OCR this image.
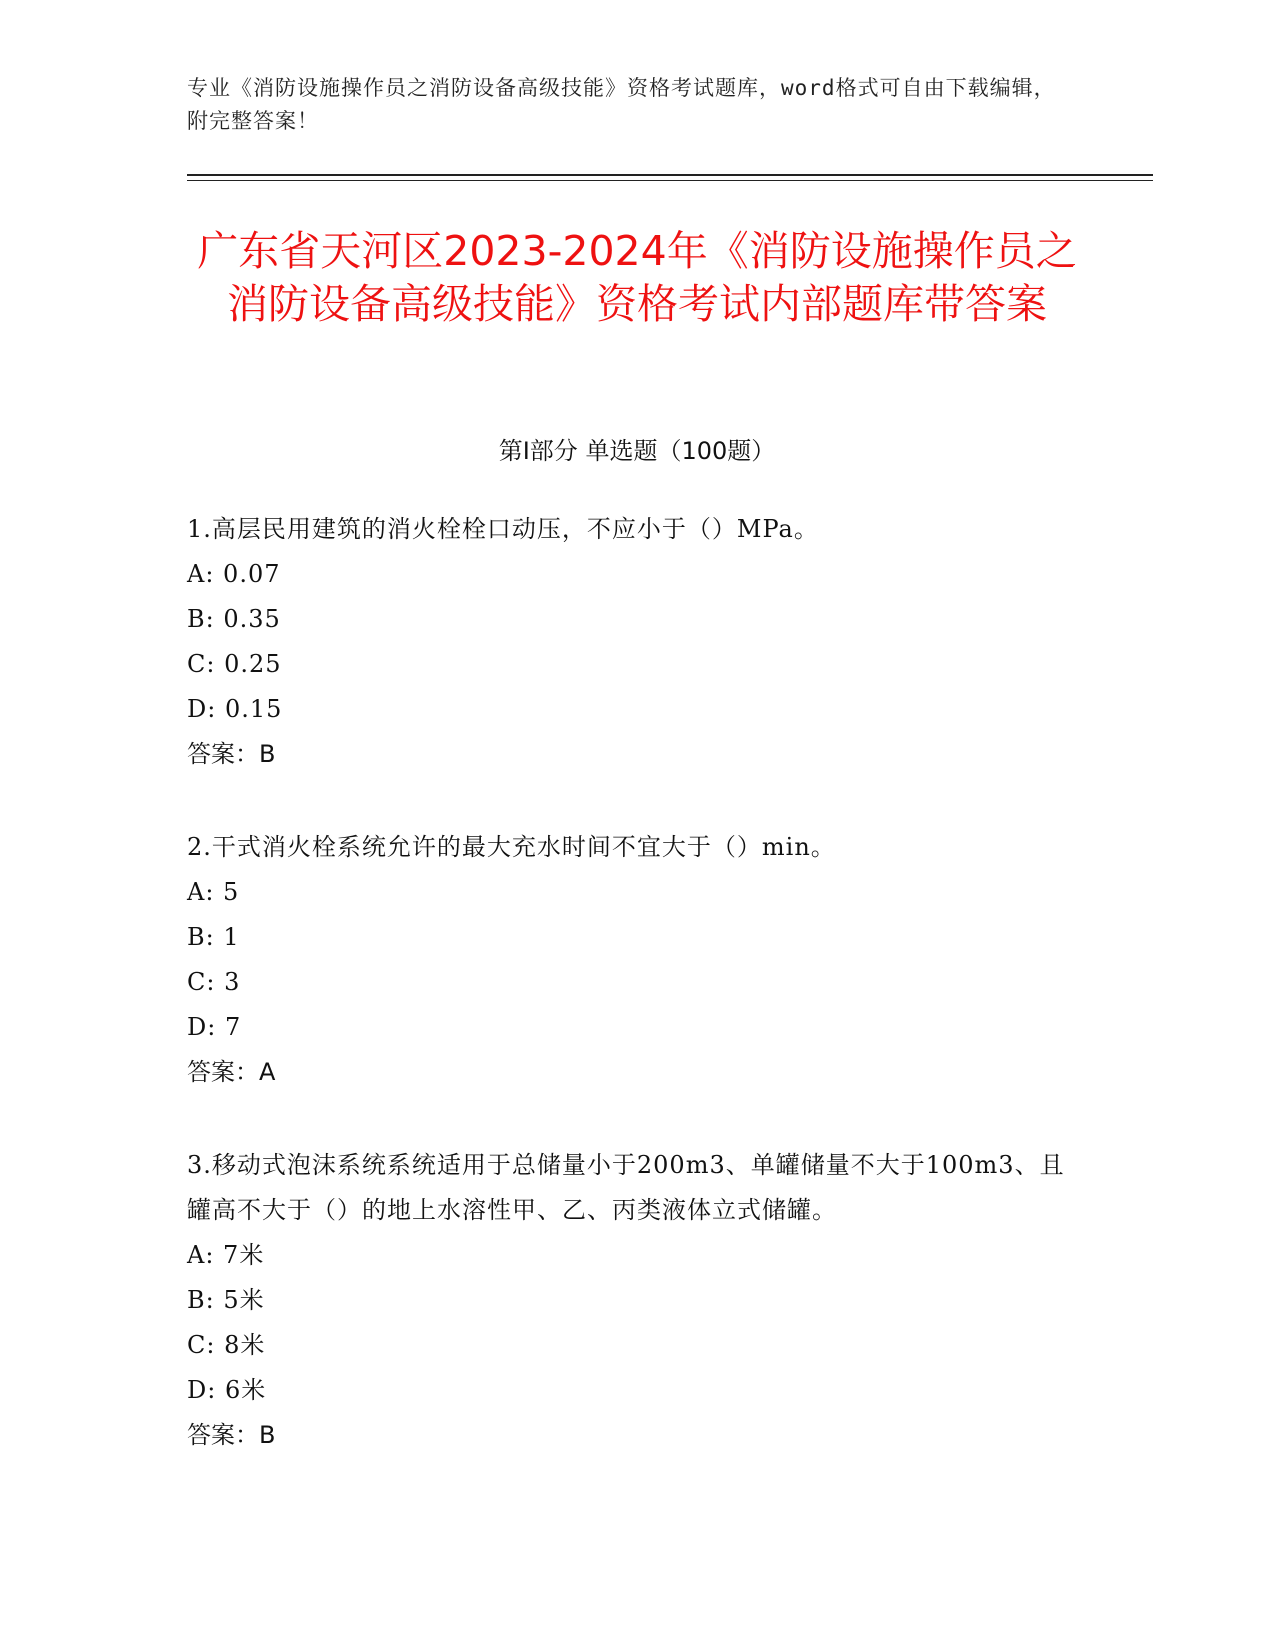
专业《消防设施操作员之消防设备高级技能》资格考试题库，word格式可自由下载编辑，附完整答案！
广东省天河区2023-2024年《消防设施操作员之消防设备高级技能》资格考试内部题库带答案
第I部分 单选题（100题）

1.高层民用建筑的消火栓栓口动压，不应小于（）MPa。

A: 0.07

B: 0.35

C: 0.25

D: 0.15

答案：B

2.干式消火栓系统允许的最大充水时间不宜大于（）min。

A: 5

B: 1

C: 3

D: 7

答案：A

3.移动式泡沫系统系统适用于总储量小于200m3、单罐储量不大于100m3、且罐高不大于（）的地上水溶性甲、乙、丙类液体立式储罐。

A: 7米

B: 5米

C: 8米

D: 6米

答案：B
